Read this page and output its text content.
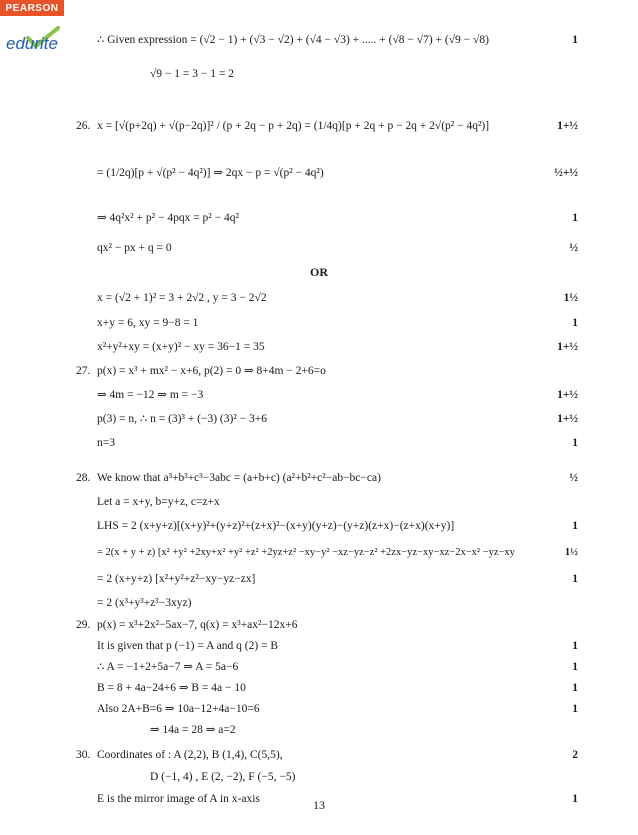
PEARSON
edurite	∴ Given expression = (√2 − 1) + (√3 − √2) + (√4 − √3) + ..... + (√8 − √7) + (√9 − √8)	1
√9 − 1 = 3 − 1 = 2
26. x = [√(p+2q) + √(p−2q)]² / (p + 2q − p + 2q) = (1/4q)[p + 2q + p − 2q + 2√(p² − 4q²)]	1+½
= (1/2q)[p + √(p² − 4q²)] ⇒ 2qx − p = √(p² − 4q²)	½+½
⇒ 4q²x² + p² − 4pqx = p² − 4q²	1
qx² − px + q = 0	½
x = (√2 + 1)² = 3 + 2√2 , y = 3 − 2√2	1½
x+y = 6, xy = 9−8 = 1	1
x²+y²+xy = (x+y)² − xy = 36−1 = 35	1+½
27. p(x) = x³ + mx² − x+6, p(2) = 0 ⇒ 8+4m − 2+6=o
⇒ 4m = −12 ⇒ m = −3	1+½
p(3) = n, ∴ n = (3)³ + (−3) (3)² − 3+6	1+½
n=3	1
28. We know that a³+b³+c³−3abc = (a+b+c) (a²+b²+c²−ab−bc−ca)	½
Let a = x+y, b=y+z, c=z+x
LHS = 2 (x+y+z)[(x+y)²+(y+z)²+(z+x)²−(x+y)(y+z)−(y+z)(z+x)−(z+x)(x+y)]	1
= 2(x + y + z) [x² +y² +2xy+x² +y² +z² +2yz+z² −xy−y² −xz−yz−z² +2zx−yz−xy−xz−2x−x² −yz−xy	1½
= 2 (x+y+z) [x²+y²+z²−xy−yz−zx]	1
= 2 (x³+y³+z³−3xyz)
29. p(x) = x³+2x²−5ax−7, q(x) = x³+ax²−12x+6
It is given that p (−1) = A and q (2) = B	1
∴ A = −1+2+5a−7 ⇒ A = 5a−6	1
B = 8 + 4a−24+6 ⇒ B = 4a − 10	1
Also 2A+B=6 ⇒ 10a−12+4a−10=6	1
⇒ 14a = 28 ⇒ a=2
30. Coordinates of : A (2,2), B (1,4), C(5,5),	2
D (−1, 4) , E (2, −2), F (−5, −5)
E is the mirror image of A in x-axis	1
OR
13
